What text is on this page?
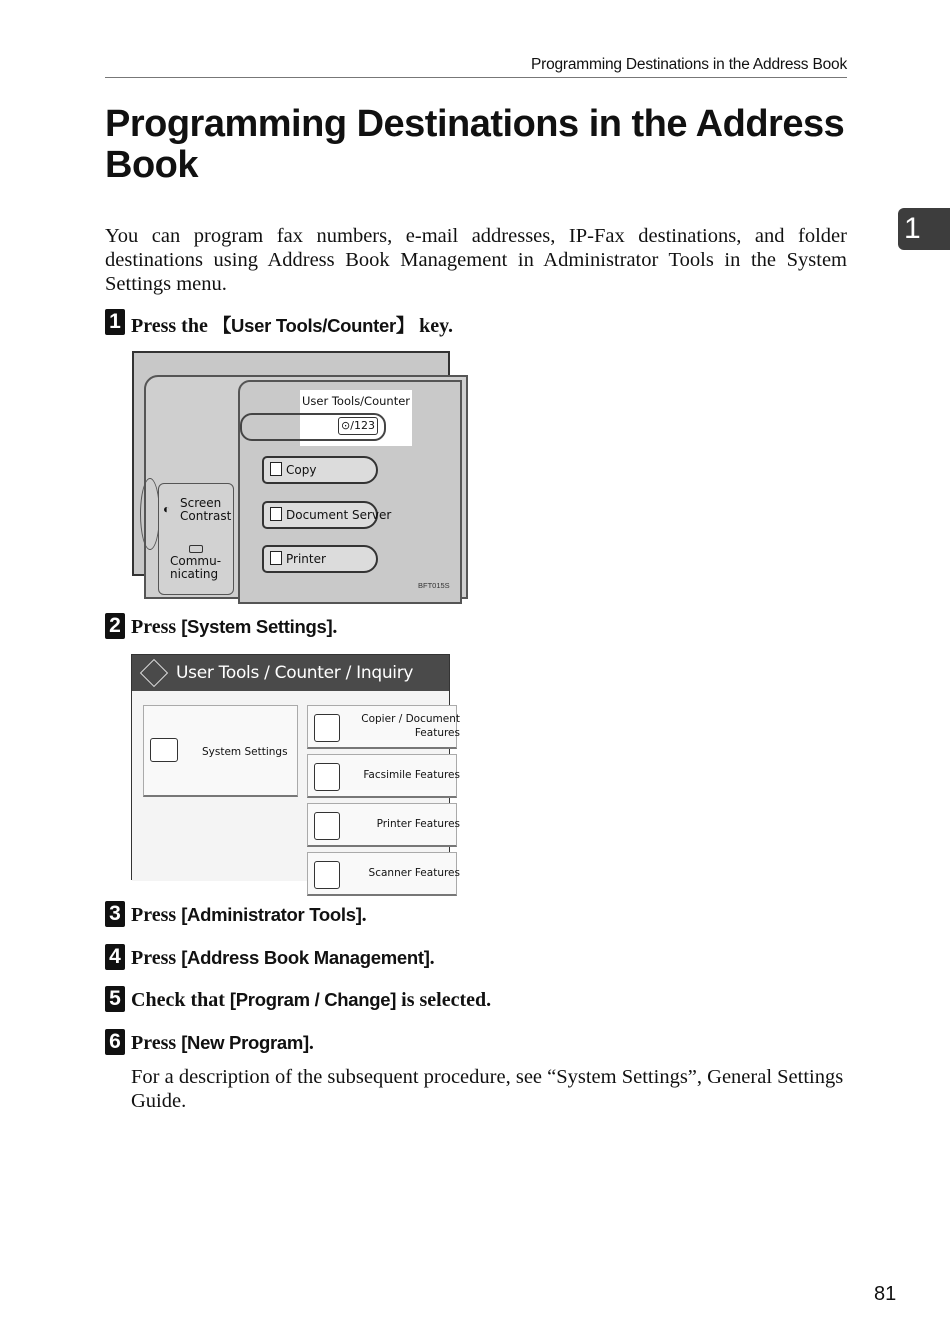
Programming Destinations in the Address Book
Programming Destinations in the Address
Book
1

You can program fax numbers, e-mail addresses, IP-Fax destinations, and folder destinations using Address Book Management in Administrator Tools in the System Settings menu.

1 Press the 【User Tools/Counter】 key.
User Tools/Counter
⊙/123
Copy
Document Server
Printer
◐ Screen
Contrast
Commu-
nicating
BFT015S
2 Press [System Settings].
User Tools / Counter / Inquiry
System Settings
Copier / Document
Features
Facsimile Features
Printer Features
Scanner Features
3 Press [Administrator Tools].
4 Press [Address Book Management].
5 Check that [Program / Change] is selected.
6 Press [New Program].

For a description of the subsequent procedure, see “System Settings”, General Settings Guide.

81
